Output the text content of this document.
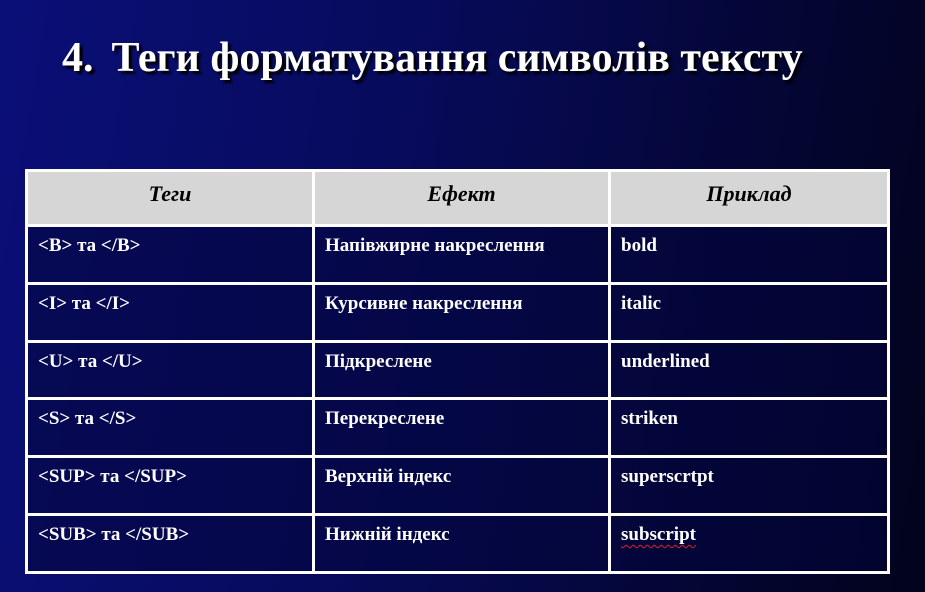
4. Теги форматування символів тексту
Теги	Ефект	Приклад
<B> та </B>	Напівжирне накреслення	bold
<I> та </I>	Курсивне накреслення	italic
<U> та </U>	Підкреслене	underlined
<S> та </S>	Перекреслене	striken
<SUP> та </SUP>	Верхній індекс	superscrtpt
<SUB> та </SUB>	Нижній індекс	subscript
